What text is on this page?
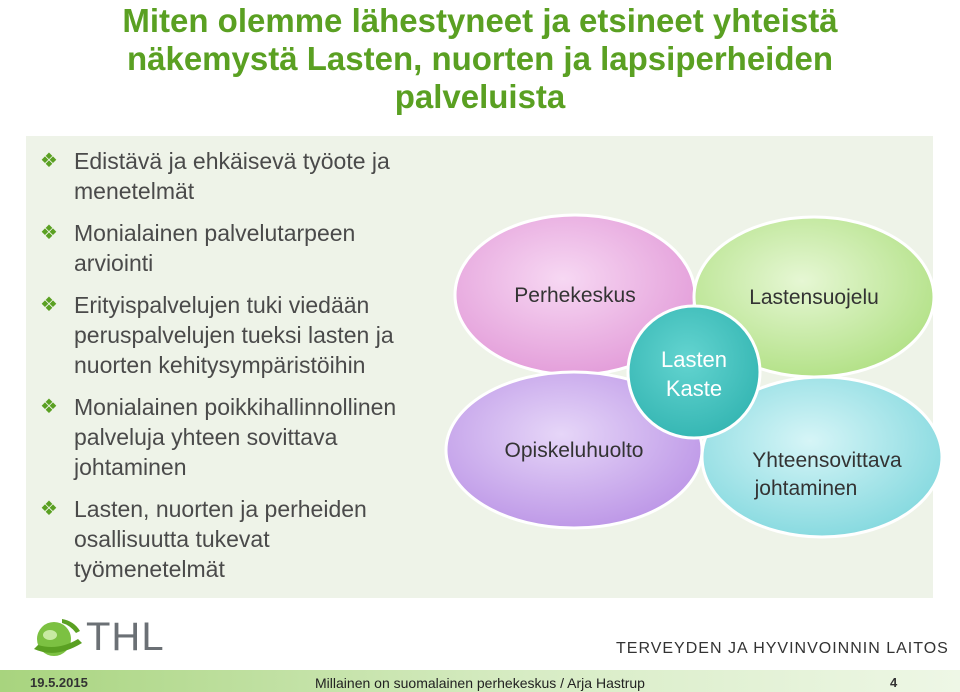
Miten olemme lähestyneet ja etsineet yhteistä
näkemystä Lasten, nuorten ja lapsiperheiden
palveluista
❖ Edistävä ja ehkäisevä työote ja
menetelmät
❖ Monialainen palvelutarpeen
arviointi
❖ Erityispalvelujen tuki viedään
peruspalvelujen tueksi lasten ja
nuorten kehitysympäristöihin
❖ Monialainen poikkihallinnollinen
palveluja yhteen sovittava
johtaminen
❖ Lasten, nuorten ja perheiden
osallisuutta tukevat
työmenetelmät
Perhekeskus	Lastensuojelu
Opiskeluhuolto	Yhteensovittava
johtaminen
Lasten
Kaste
THL	TERVEYDEN JA HYVINVOINNIN LAITOS
19.5.2015	Millainen on suomalainen perhekeskus / Arja Hastrup	4
